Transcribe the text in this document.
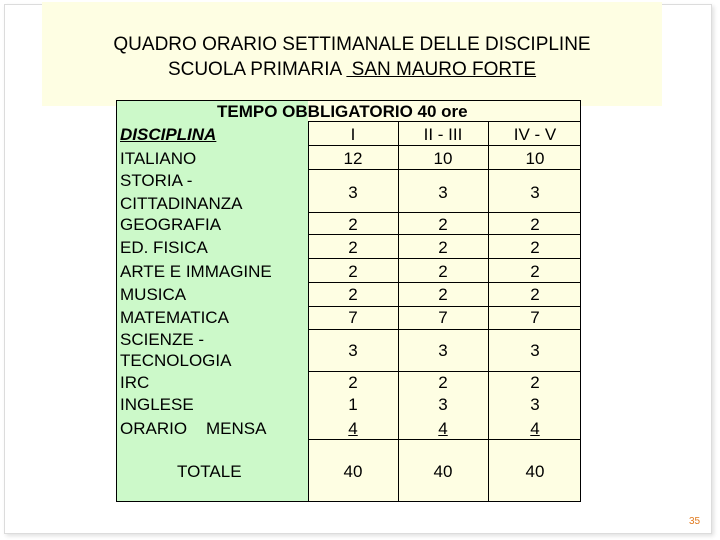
QUADRO ORARIO SETTIMANALE DELLE DISCIPLINE
SCUOLA PRIMARIA  SAN MAURO FORTE
TEMPO OBBLIGATORIO 40 ore
DISCIPLINA	I	II - III	IV - V
ITALIANO	12	10	10
STORIA -
CITTADINANZA
3	3	3
GEOGRAFIA	2	2	2
ED. FISICA	2	2	2
ARTE E IMMAGINE	2	2	2
MUSICA	2	2	2
MATEMATICA	7	7	7
SCIENZE -
TECNOLOGIA
3	3	3
IRC	2	2	2
INGLESE	1	3	3
ORARIO    MENSA	4	4	4
TOTALE	40	40	40
35
